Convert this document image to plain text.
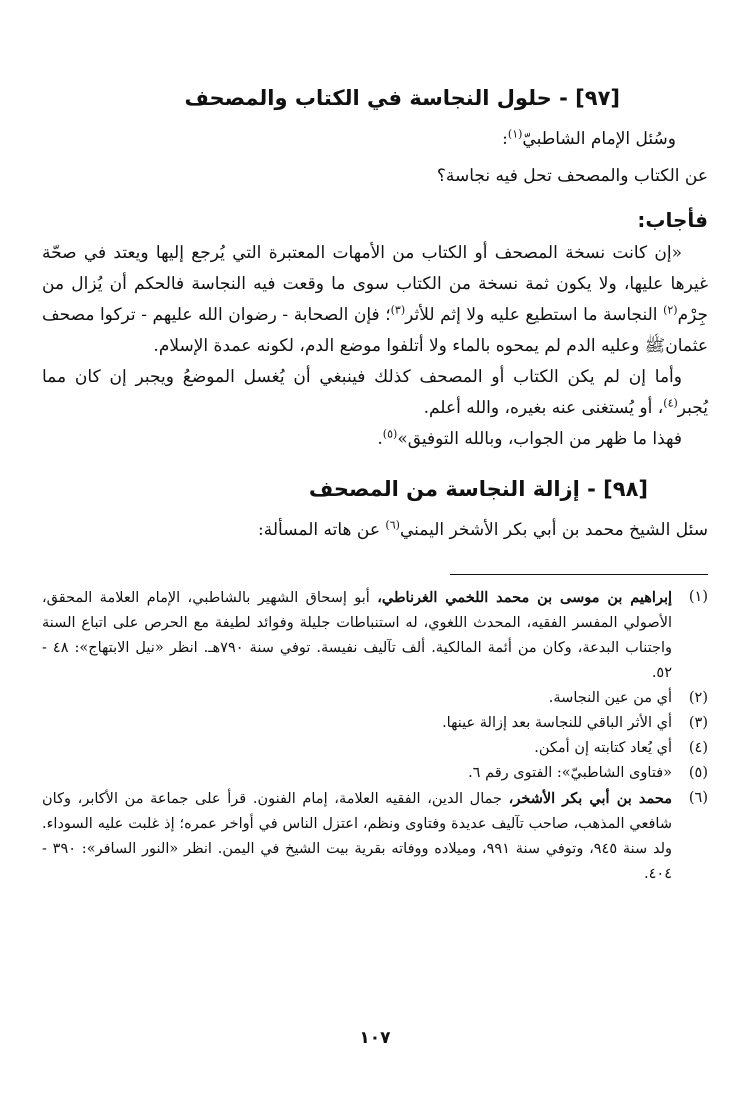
[٩٧] - حلول النجاسة في الكتاب والمصحف

وسُئل الإمام الشاطبيّ$^{(١)}$:

عن الكتاب والمصحف تحل فيه نجاسة؟

فأجاب:

«إن كانت نسخة المصحف أو الكتاب من الأمهات المعتبرة التي يُرجع إليها ويعتد في صحّة غيرها عليها، ولا يكون ثمة نسخة من الكتاب سوى ما وقعت فيه النجاسة فالحكم أن يُزال من جِرْم$^{(٢)}$ النجاسة ما استطيع عليه ولا إثم للأثر$^{(٣)}$؛ فإن الصحابة - رضوان الله عليهم - تركوا مصحف عثمانﷺ وعليه الدم لم يمحوه بالماء ولا أتلفوا موضع الدم، لكونه عمدة الإسلام.

وأما إن لم يكن الكتاب أو المصحف كذلك فينبغي أن يُغسل الموضعُ ويجبر إن كان مما يُجبر$^{(٤)}$، أو يُستغنى عنه بغيره، والله أعلم.

فهذا ما ظهر من الجواب، وبالله التوفيق»$^{(٥)}$.

[٩٨] - إزالة النجاسة من المصحف

سئل الشيخ محمد بن أبي بكر الأشخر اليمني$^{(٦)}$ عن هاته المسألة:

(١)
إبراهيم بن موسى بن محمد اللخمي الغرناطي، أبو إسحاق الشهير بالشاطبي، الإمام العلامة المحقق، الأصولي المفسر الفقيه، المحدث اللغوي، له استنباطات جليلة وفوائد لطيفة مع الحرص على اتباع السنة واجتناب البدعة، وكان من أئمة المالكية. ألف تآليف نفيسة. توفي سنة ٧٩٠هـ. انظر «نيل الابتهاج»: ٤٨ - ٥٢.
(٢)
أي من عين النجاسة.
(٣)
أي الأثر الباقي للنجاسة بعد إزالة عينها.
(٤)
أي يُعاد كتابته إن أمكن.
(٥)
«فتاوى الشاطبيّ»: الفتوى رقم ٦.
(٦)
محمد بن أبي بكر الأشخر، جمال الدين، الفقيه العلامة، إمام الفنون. قرأ على جماعة من الأكابر، وكان شافعي المذهب، صاحب تآليف عديدة وفتاوى ونظم، اعتزل الناس في أواخر عمره؛ إذ غلبت عليه السوداء. ولد سنة ٩٤٥، وتوفي سنة ٩٩١، وميلاده ووفاته بقرية بيت الشيخ في اليمن. انظر «النور السافر»: ٣٩٠ - ٤٠٤.
١٠٧
